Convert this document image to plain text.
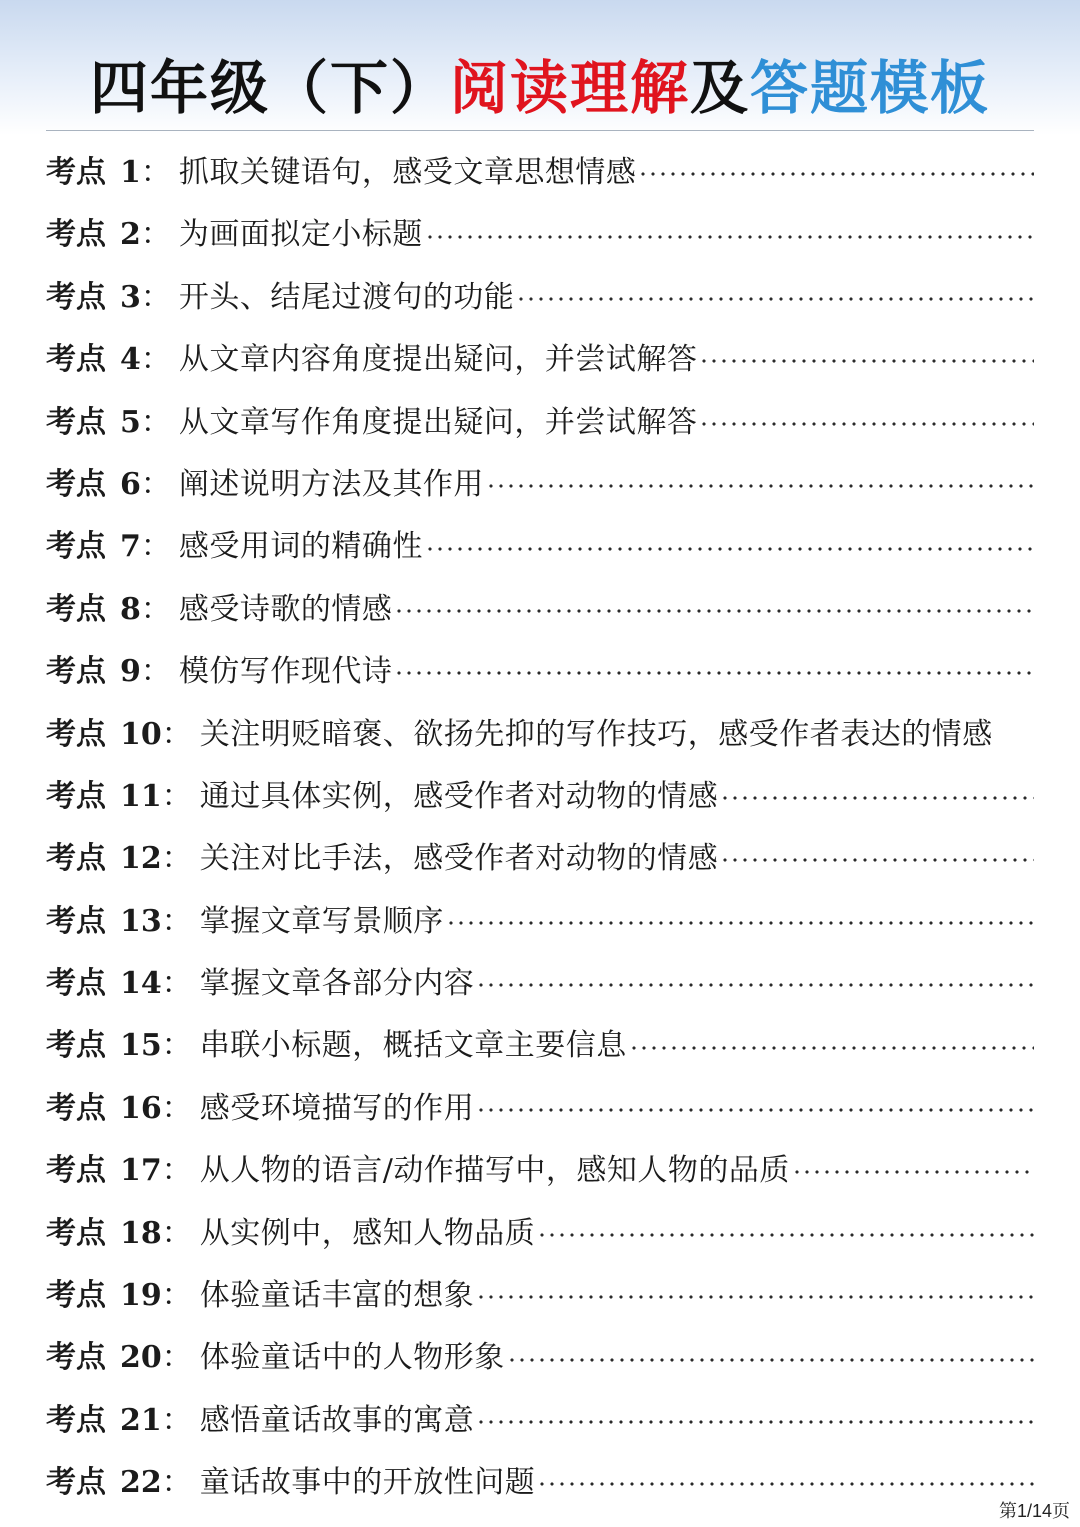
四年级（下）阅读理解及答题模板
考点 1 ： 抓取关键语句，感受文章思想情感
考点 2 ： 为画面拟定小标题
考点 3 ： 开头、结尾过渡句的功能
考点 4 ： 从文章内容角度提出疑问，并尝试解答
考点 5 ： 从文章写作角度提出疑问，并尝试解答
考点 6 ： 阐述说明方法及其作用
考点 7 ： 感受用词的精确性
考点 8 ： 感受诗歌的情感
考点 9 ： 模仿写作现代诗
考点 10 ： 关注明贬暗褒、欲扬先抑的写作技巧，感受作者表达的情感
考点 11 ： 通过具体实例，感受作者对动物的情感
考点 12 ： 关注对比手法，感受作者对动物的情感
考点 13 ： 掌握文章写景顺序
考点 14 ： 掌握文章各部分内容
考点 15 ： 串联小标题，概括文章主要信息
考点 16 ： 感受环境描写的作用
考点 17 ： 从人物的语言/动作描写中，感知人物的品质
考点 18 ： 从实例中，感知人物品质
考点 19 ： 体验童话丰富的想象
考点 20 ： 体验童话中的人物形象
考点 21 ： 感悟童话故事的寓意
考点 22 ： 童话故事中的开放性问题
第1/14页
